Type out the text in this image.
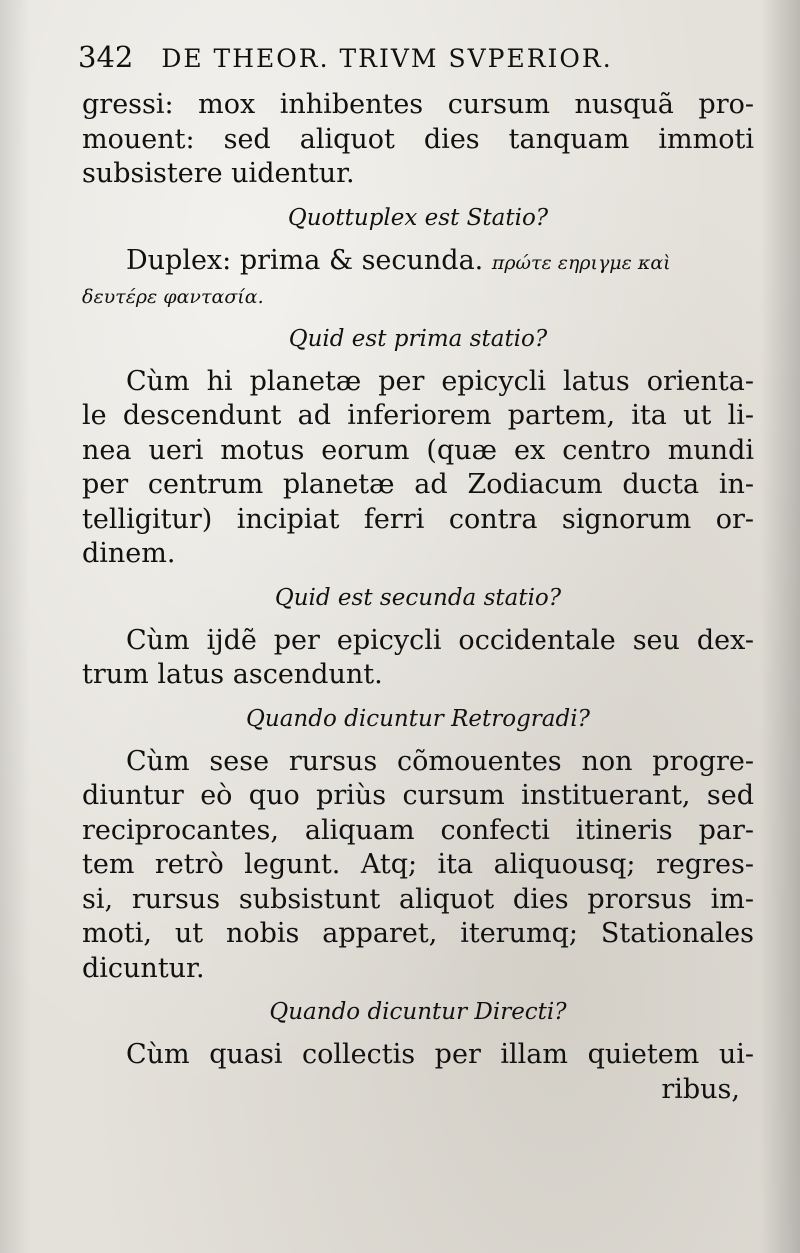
342 DE THEOR. TRIVM SVPERIOR.
gressi: mox inhibentes cursum nusquã pro-
mouent: sed aliquot dies tanquam immoti
subsistere uidentur.
Quottuplex est Statio?
Duplex: prima & secunda. πρώτε εηριγμε καὶ
δευτέρε φαντασία.
Quid est prima statio?
Cùm hi planetæ per epicycli latus orienta-
le descendunt ad inferiorem partem, ita ut li-
nea ueri motus eorum (quæ ex centro mundi
per centrum planetæ ad Zodiacum ducta in-
telligitur) incipiat ferri contra signorum or-
dinem.
Quid est secunda statio?
Cùm ijdẽ per epicycli occidentale seu dex-
trum latus ascendunt.
Quando dicuntur Retrogradi?
Cùm sese rursus cõmouentes non progre-
diuntur eò quo priùs cursum instituerant, sed
reciprocantes, aliquam confecti itineris par-
tem retrò legunt. Atq; ita aliquousq; regres-
si, rursus subsistunt aliquot dies prorsus im-
moti, ut nobis apparet, iterumq; Stationales
dicuntur.
Quando dicuntur Directi?
Cùm quasi collectis per illam quietem ui-
ribus,
